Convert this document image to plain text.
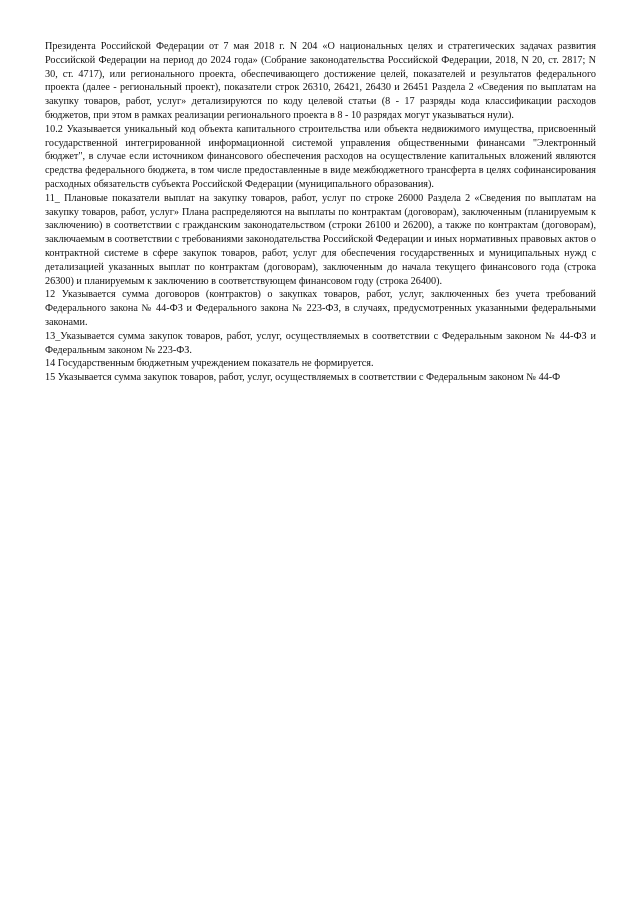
Президента Российской Федерации от 7 мая 2018 г. N 204 «О национальных целях и стратегических задачах развития Российской Федерации на период до 2024 года» (Собрание законодательства Российской Федерации, 2018, N 20, ст. 2817; N 30, ст. 4717), или регионального проекта, обеспечивающего достижение целей, показателей и результатов федерального проекта (далее - региональный проект), показатели строк 26310, 26421, 26430 и 26451 Раздела 2 «Сведения по выплатам на закупку товаров, работ, услуг» детализируются по коду целевой статьи (8 - 17 разряды кода классификации расходов бюджетов, при этом в рамках реализации регионального проекта в 8 - 10 разрядах могут указываться нули).

10.2 Указывается уникальный код объекта капитального строительства или объекта недвижимого имущества, присвоенный государственной интегрированной информационной системой управления общественными финансами "Электронный бюджет", в случае если источником финансового обеспечения расходов на осуществление капитальных вложений являются средства федерального бюджета, в том числе предоставленные в виде межбюджетного трансферта в целях софинансирования расходных обязательств субъекта Российской Федерации (муниципального образования).

11_ Плановые показатели выплат на закупку товаров, работ, услуг по строке 26000 Раздела 2 «Сведения по выплатам на закупку товаров, работ, услуг» Плана распределяются на выплаты по контрактам (договорам), заключенным (планируемым к заключению) в соответствии с гражданским законодательством (строки 26100 и 26200), а также по контрактам (договорам), заключаемым в соответствии с требованиями законодательства Российской Федерации и иных нормативных правовых актов о контрактной системе в сфере закупок товаров, работ, услуг для обеспечения государственных и муниципальных нужд с детализацией указанных выплат по контрактам (договорам), заключенным до начала текущего финансового года (строка 26300) и планируемым к заключению в соответствующем финансовом году (строка 26400).

12 Указывается сумма договоров (контрактов) о закупках товаров, работ, услуг, заключенных без учета требований Федерального закона № 44-ФЗ и Федерального закона № 223-ФЗ, в случаях, предусмотренных указанными федеральными законами.

13_Указывается сумма закупок товаров, работ, услуг, осуществляемых в соответствии с Федеральным законом № 44-ФЗ и Федеральным законом № 223-ФЗ.

14 Государственным бюджетным учреждением показатель не формируется.

15 Указывается сумма закупок товаров, работ, услуг, осуществляемых в соответствии с Федеральным законом № 44-Ф
